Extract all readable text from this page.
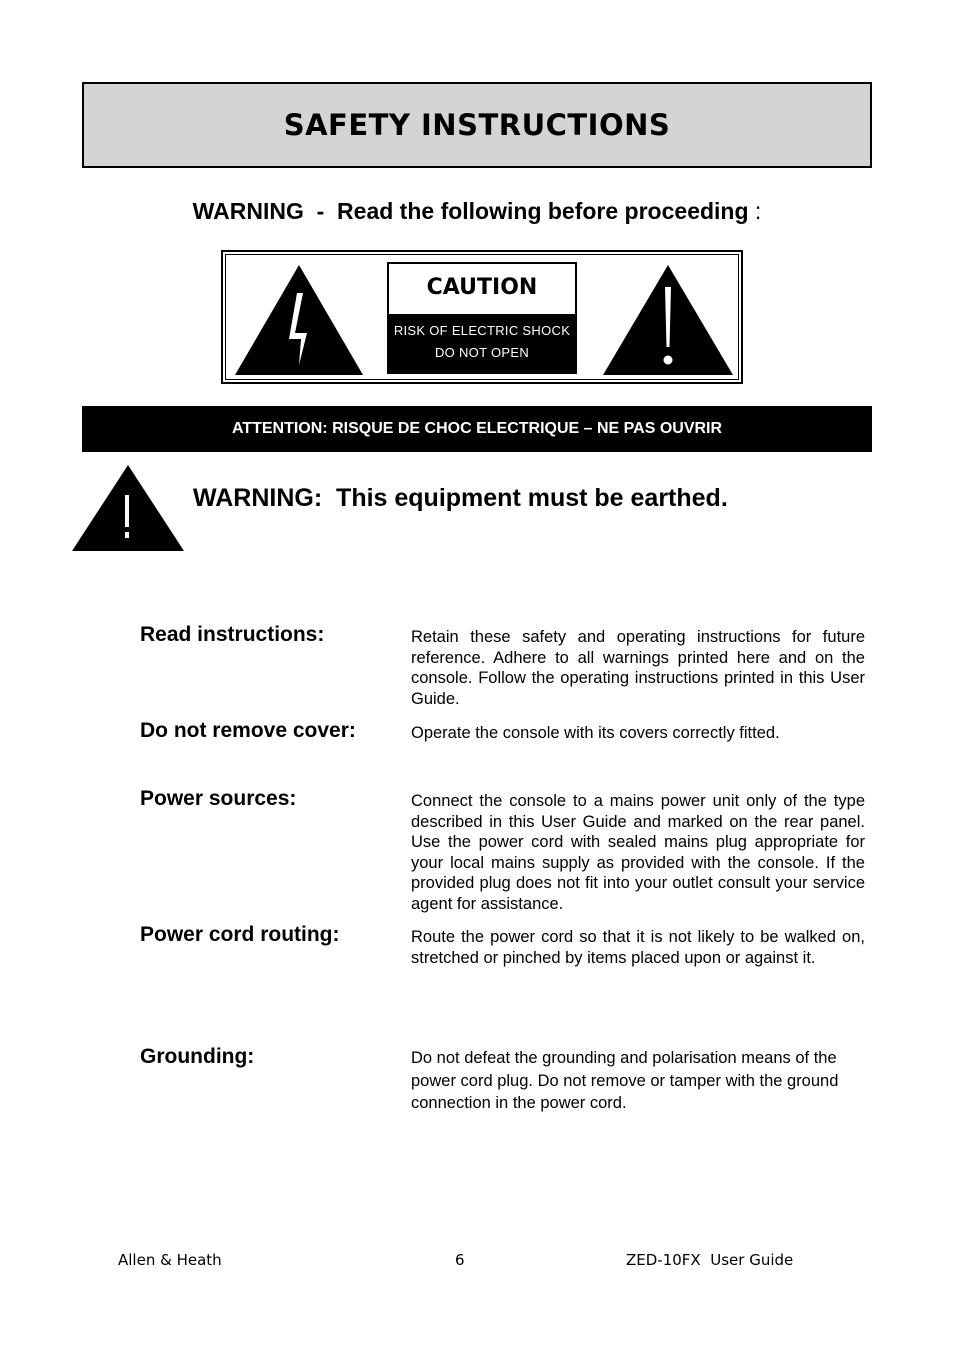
SAFETY INSTRUCTIONS
WARNING  -  Read the following before proceeding :
CAUTION
RISK OF ELECTRIC SHOCK
DO NOT OPEN
ATTENTION: RISQUE DE CHOC ELECTRIQUE – NE PAS OUVRIR
WARNING:  This equipment must be earthed.
Read instructions:	Retain these safety and operating instructions for future reference. Adhere to all warnings printed here and on the console. Follow the operating instructions printed in this User Guide.
Do not remove cover:	Operate the console with its covers correctly fitted.
Power sources:	Connect the console to a mains power unit only of the type described in this User Guide and marked on the rear panel. Use the power cord with sealed mains plug appropriate for your local mains supply as provided with the console. If the provided plug does not fit into your outlet consult your service agent for assistance.
Power cord routing:	Route the power cord so that it is not likely to be walked on, stretched or pinched by items placed upon or against it.
Grounding:	Do not defeat the grounding and polarisation means of the power cord plug. Do not remove or tamper with the ground connection in the power cord.
Allen & Heath	6	ZED-10FX  User Guide
